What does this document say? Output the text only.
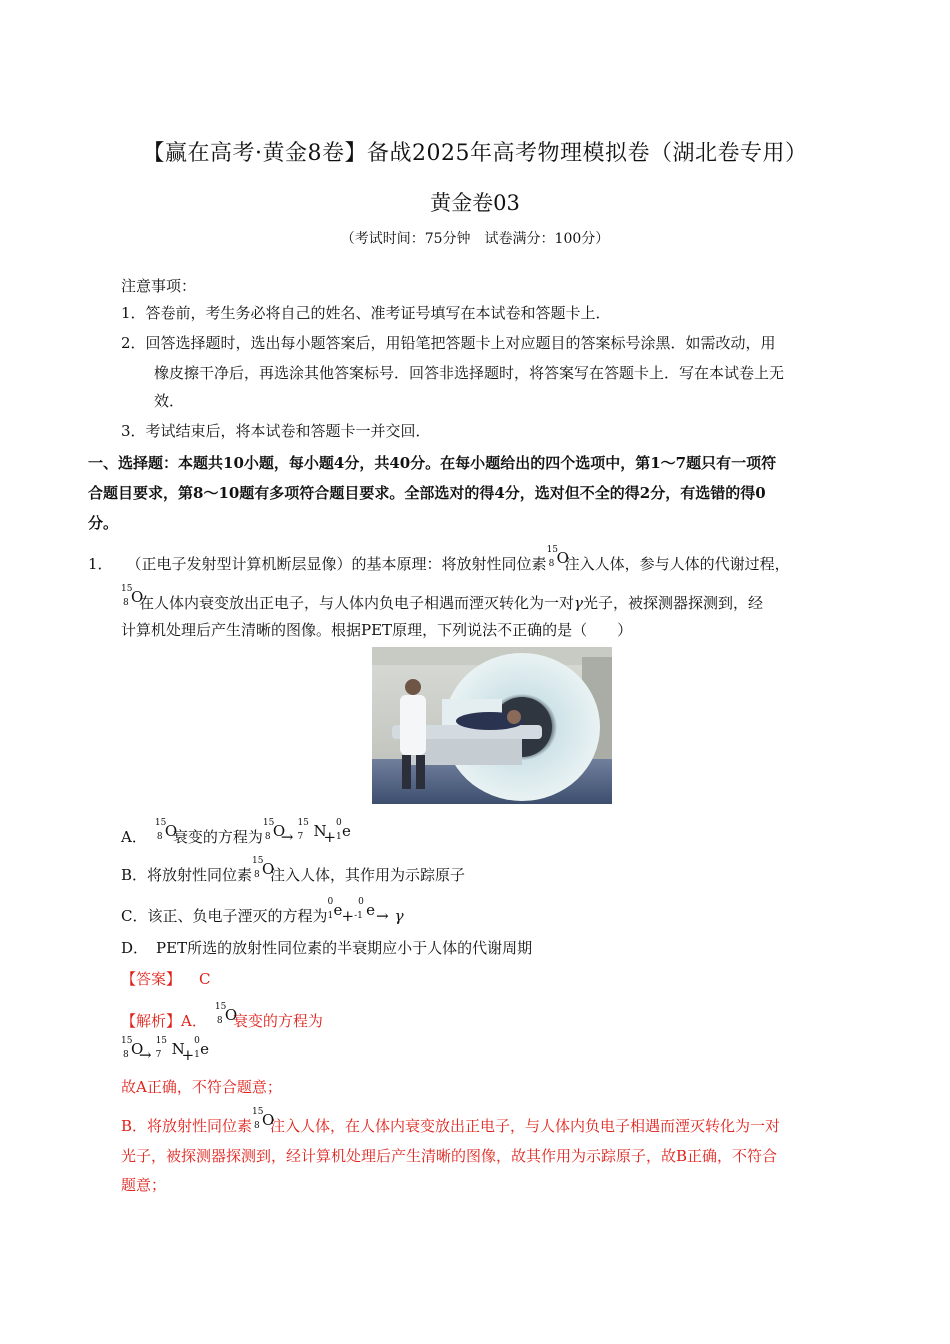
【赢在高考·黄金8卷】备战2025年高考物理模拟卷（湖北卷专用）
黄金卷03
（考试时间：75分钟　试卷满分：100分）
注意事项：
1．答卷前，考生务必将自己的姓名、准考证号填写在本试卷和答题卡上．
2．回答选择题时，选出每小题答案后，用铅笔把答题卡上对应题目的答案标号涂黑．如需改动，用
橡皮擦干净后，再选涂其他答案标号．回答非选择题时，将答案写在答题卡上．写在本试卷上无
效．
3．考试结束后，将本试卷和答题卡一并交回．
一、选择题：本题共10小题，每小题4分，共40分。在每小题给出的四个选项中，第1～7题只有一项符
合题目要求，第8～10题有多项符合题目要求。全部选对的得4分，选对但不全的得2分，有选错的得0
分。
1． （正电子发射型计算机断层显像）的基本原理：将放射性同位素
15
8 O
注入人体，参与人体的代谢过程，
15
8 O
在人体内衰变放出正电子，与人体内负电子相遇而湮灭转化为一对γ光子，被探测器探测到，经
计算机处理后产生清晰的图像。根据PET原理，下列说法不正确的是（　　）
A．
15
8 O
衰变的方程为
15
8 O
→
15
7 N
+
0
1 e
B．将放射性同位素
15
8 O
注入人体，其作用为示踪原子
C．该正、负电子湮灭的方程为
0
1 e +
0
-1 e → γ
D． PET所选的放射性同位素的半衰期应小于人体的代谢周期
【答案】 C
【解析】A．
15
8 O
衰变的方程为
15
8 O
→
15
7 N
+
0
1 e
故A正确，不符合题意；
B．将放射性同位素
15
8 O
注入人体，在人体内衰变放出正电子，与人体内负电子相遇而湮灭转化为一对
光子，被探测器探测到，经计算机处理后产生清晰的图像，故其作用为示踪原子，故B正确，不符合
题意；
